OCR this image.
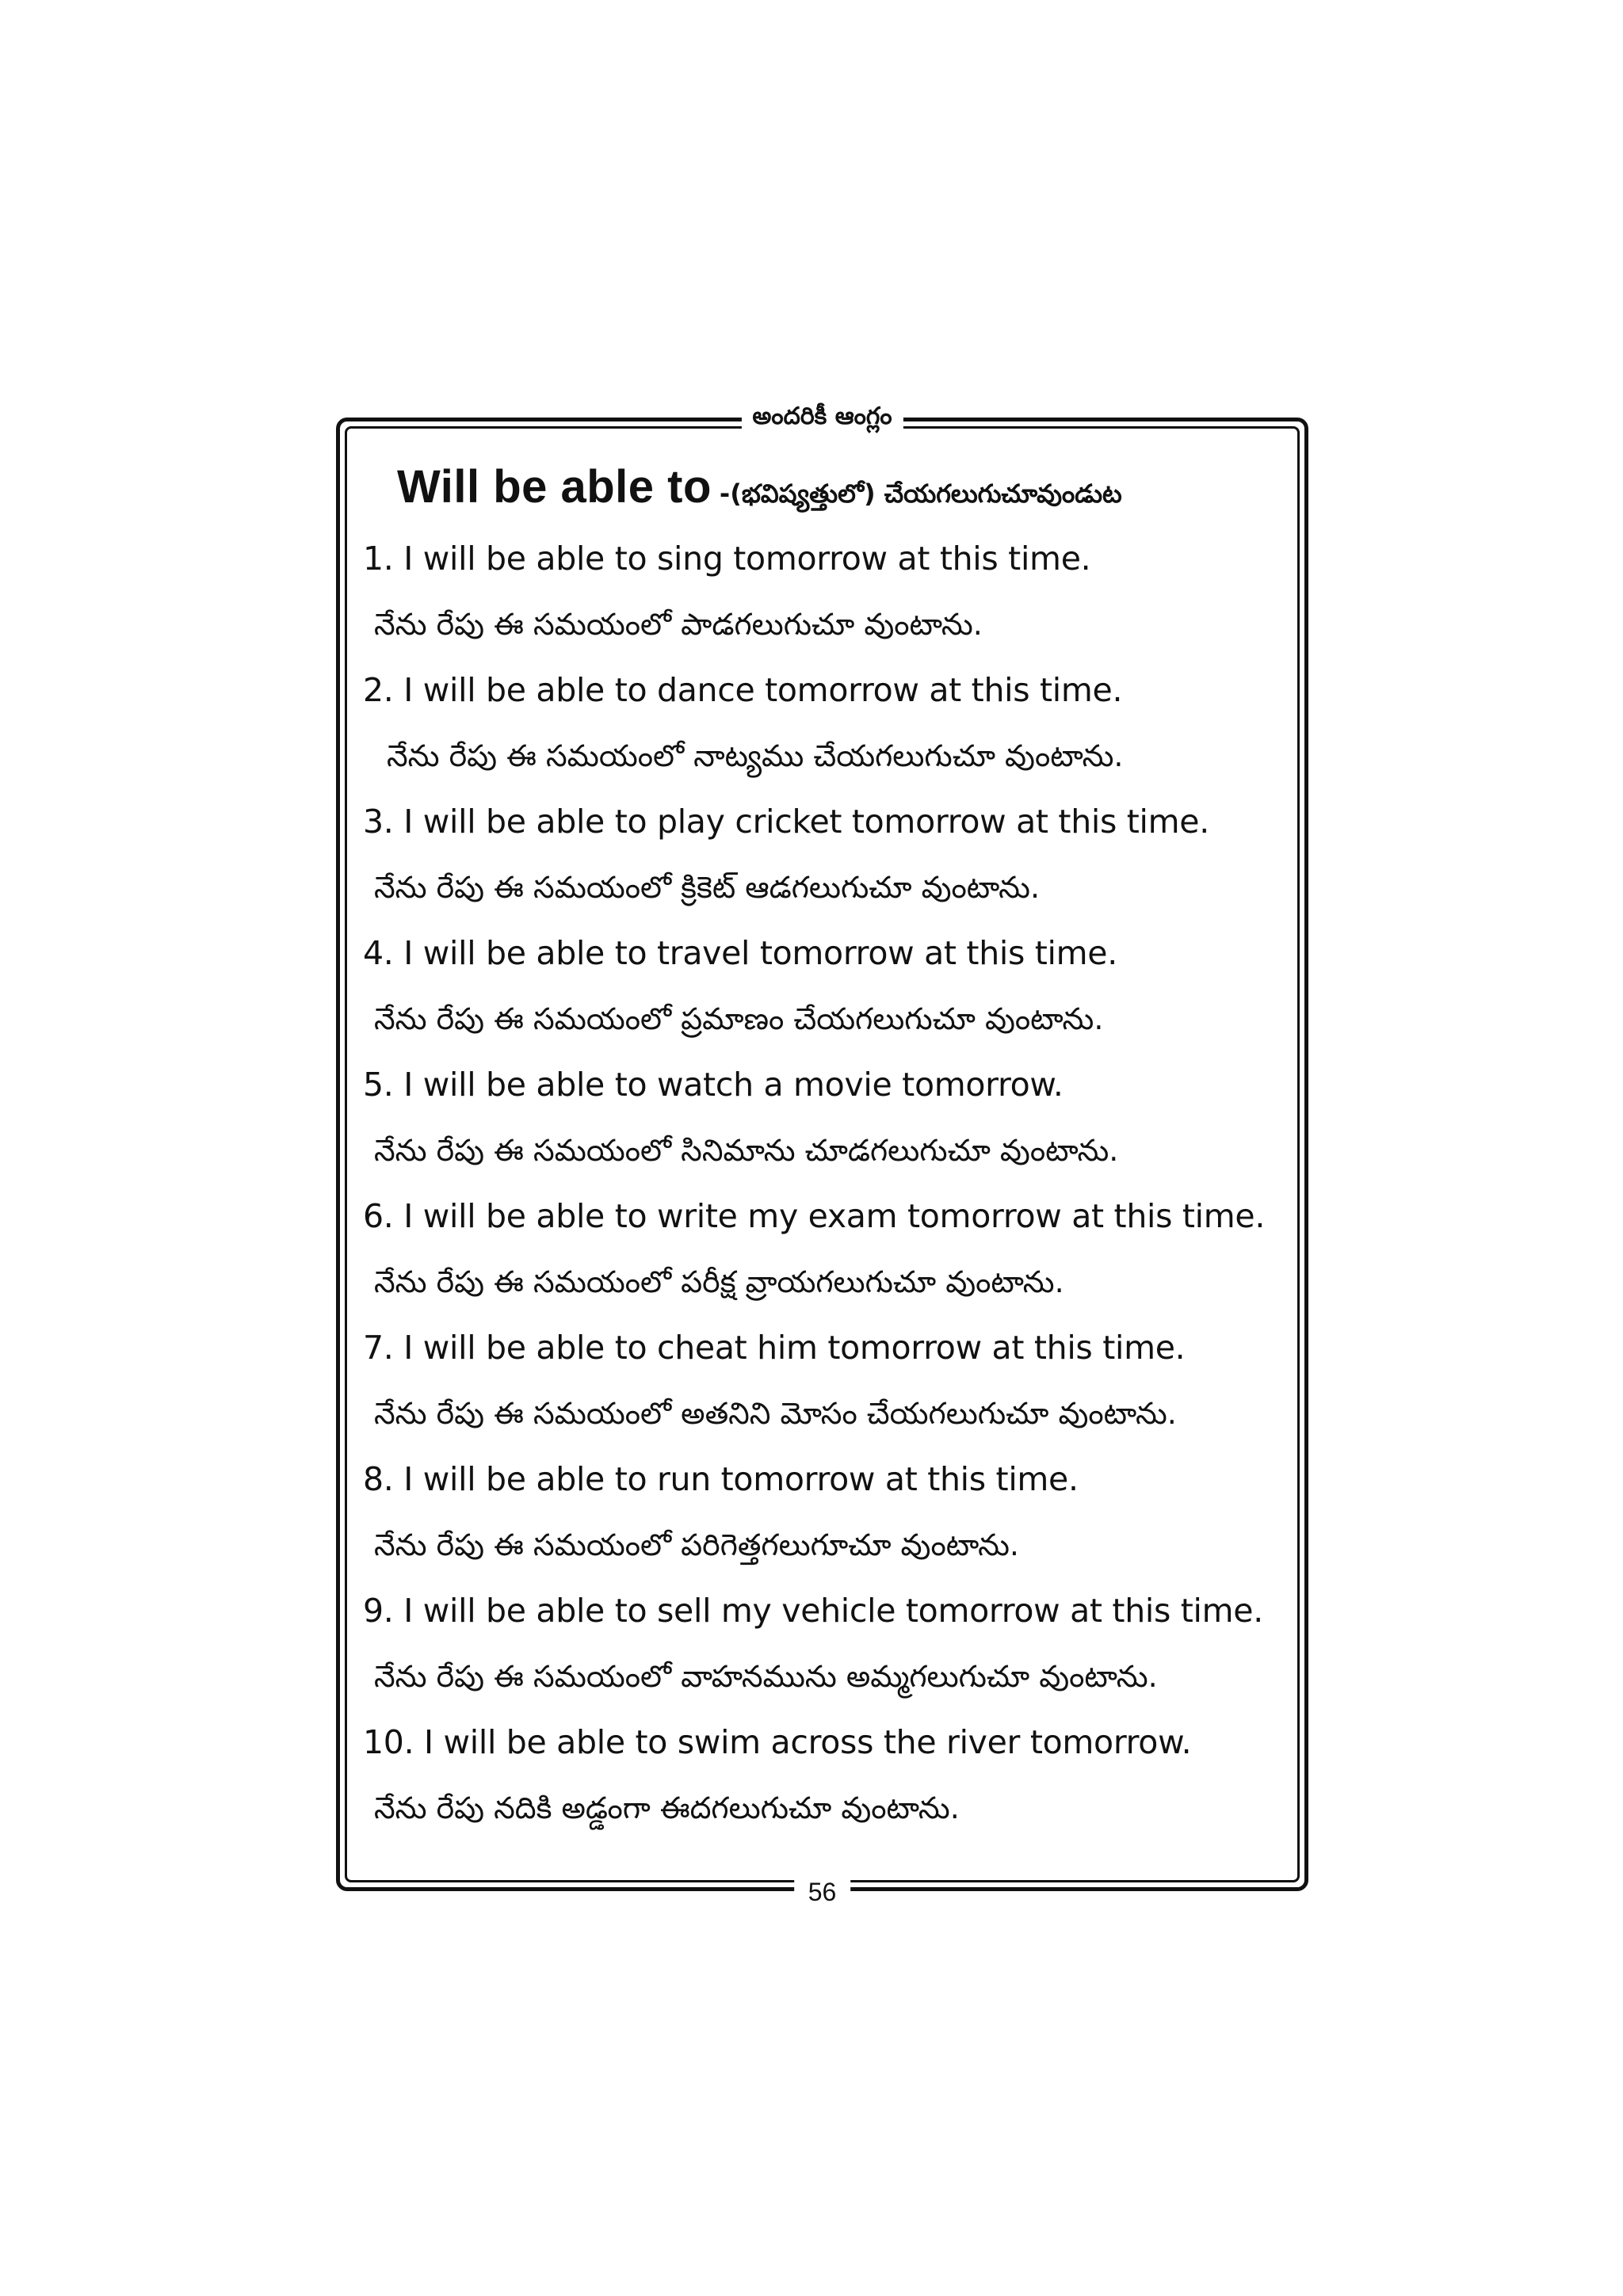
అందరికీ ఆంగ్లం
Will be able to -(భవిష్యత్తులో) చేయగలుగుచూవుండుట
1. I will be able to sing tomorrow at this time.
నేను రేపు ఈ సమయంలో పాడగలుగుచూ వుంటాను.
2. I will be able to dance tomorrow at this time.
నేను రేపు ఈ సమయంలో నాట్యము చేయగలుగుచూ వుంటాను.
3. I will be able to play cricket tomorrow at this time.
నేను రేపు ఈ సమయంలో క్రికెట్ ఆడగలుగుచూ వుంటాను.
4. I will be able to travel tomorrow at this time.
నేను రేపు ఈ సమయంలో ప్రమాణం చేయగలుగుచూ వుంటాను.
5. I will be able to watch a movie tomorrow.
నేను రేపు ఈ సమయంలో సినిమాను చూడగలుగుచూ వుంటాను.
6. I will be able to write my exam tomorrow at this time.
నేను రేపు ఈ సమయంలో పరీక్ష వ్రాయగలుగుచూ వుంటాను.
7. I will be able to cheat him tomorrow at this time.
నేను రేపు ఈ సమయంలో అతనిని మోసం చేయగలుగుచూ వుంటాను.
8. I will be able to run tomorrow at this time.
నేను రేపు ఈ సమయంలో పరిగెత్తగలుగూచూ వుంటాను.
9. I will be able to sell my vehicle tomorrow at this time.
నేను రేపు ఈ సమయంలో వాహనమును అమ్మగలుగుచూ వుంటాను.
10. I will be able to swim across the river tomorrow.
నేను రేపు నదికి అడ్డంగా ఈదగలుగుచూ వుంటాను.
56
